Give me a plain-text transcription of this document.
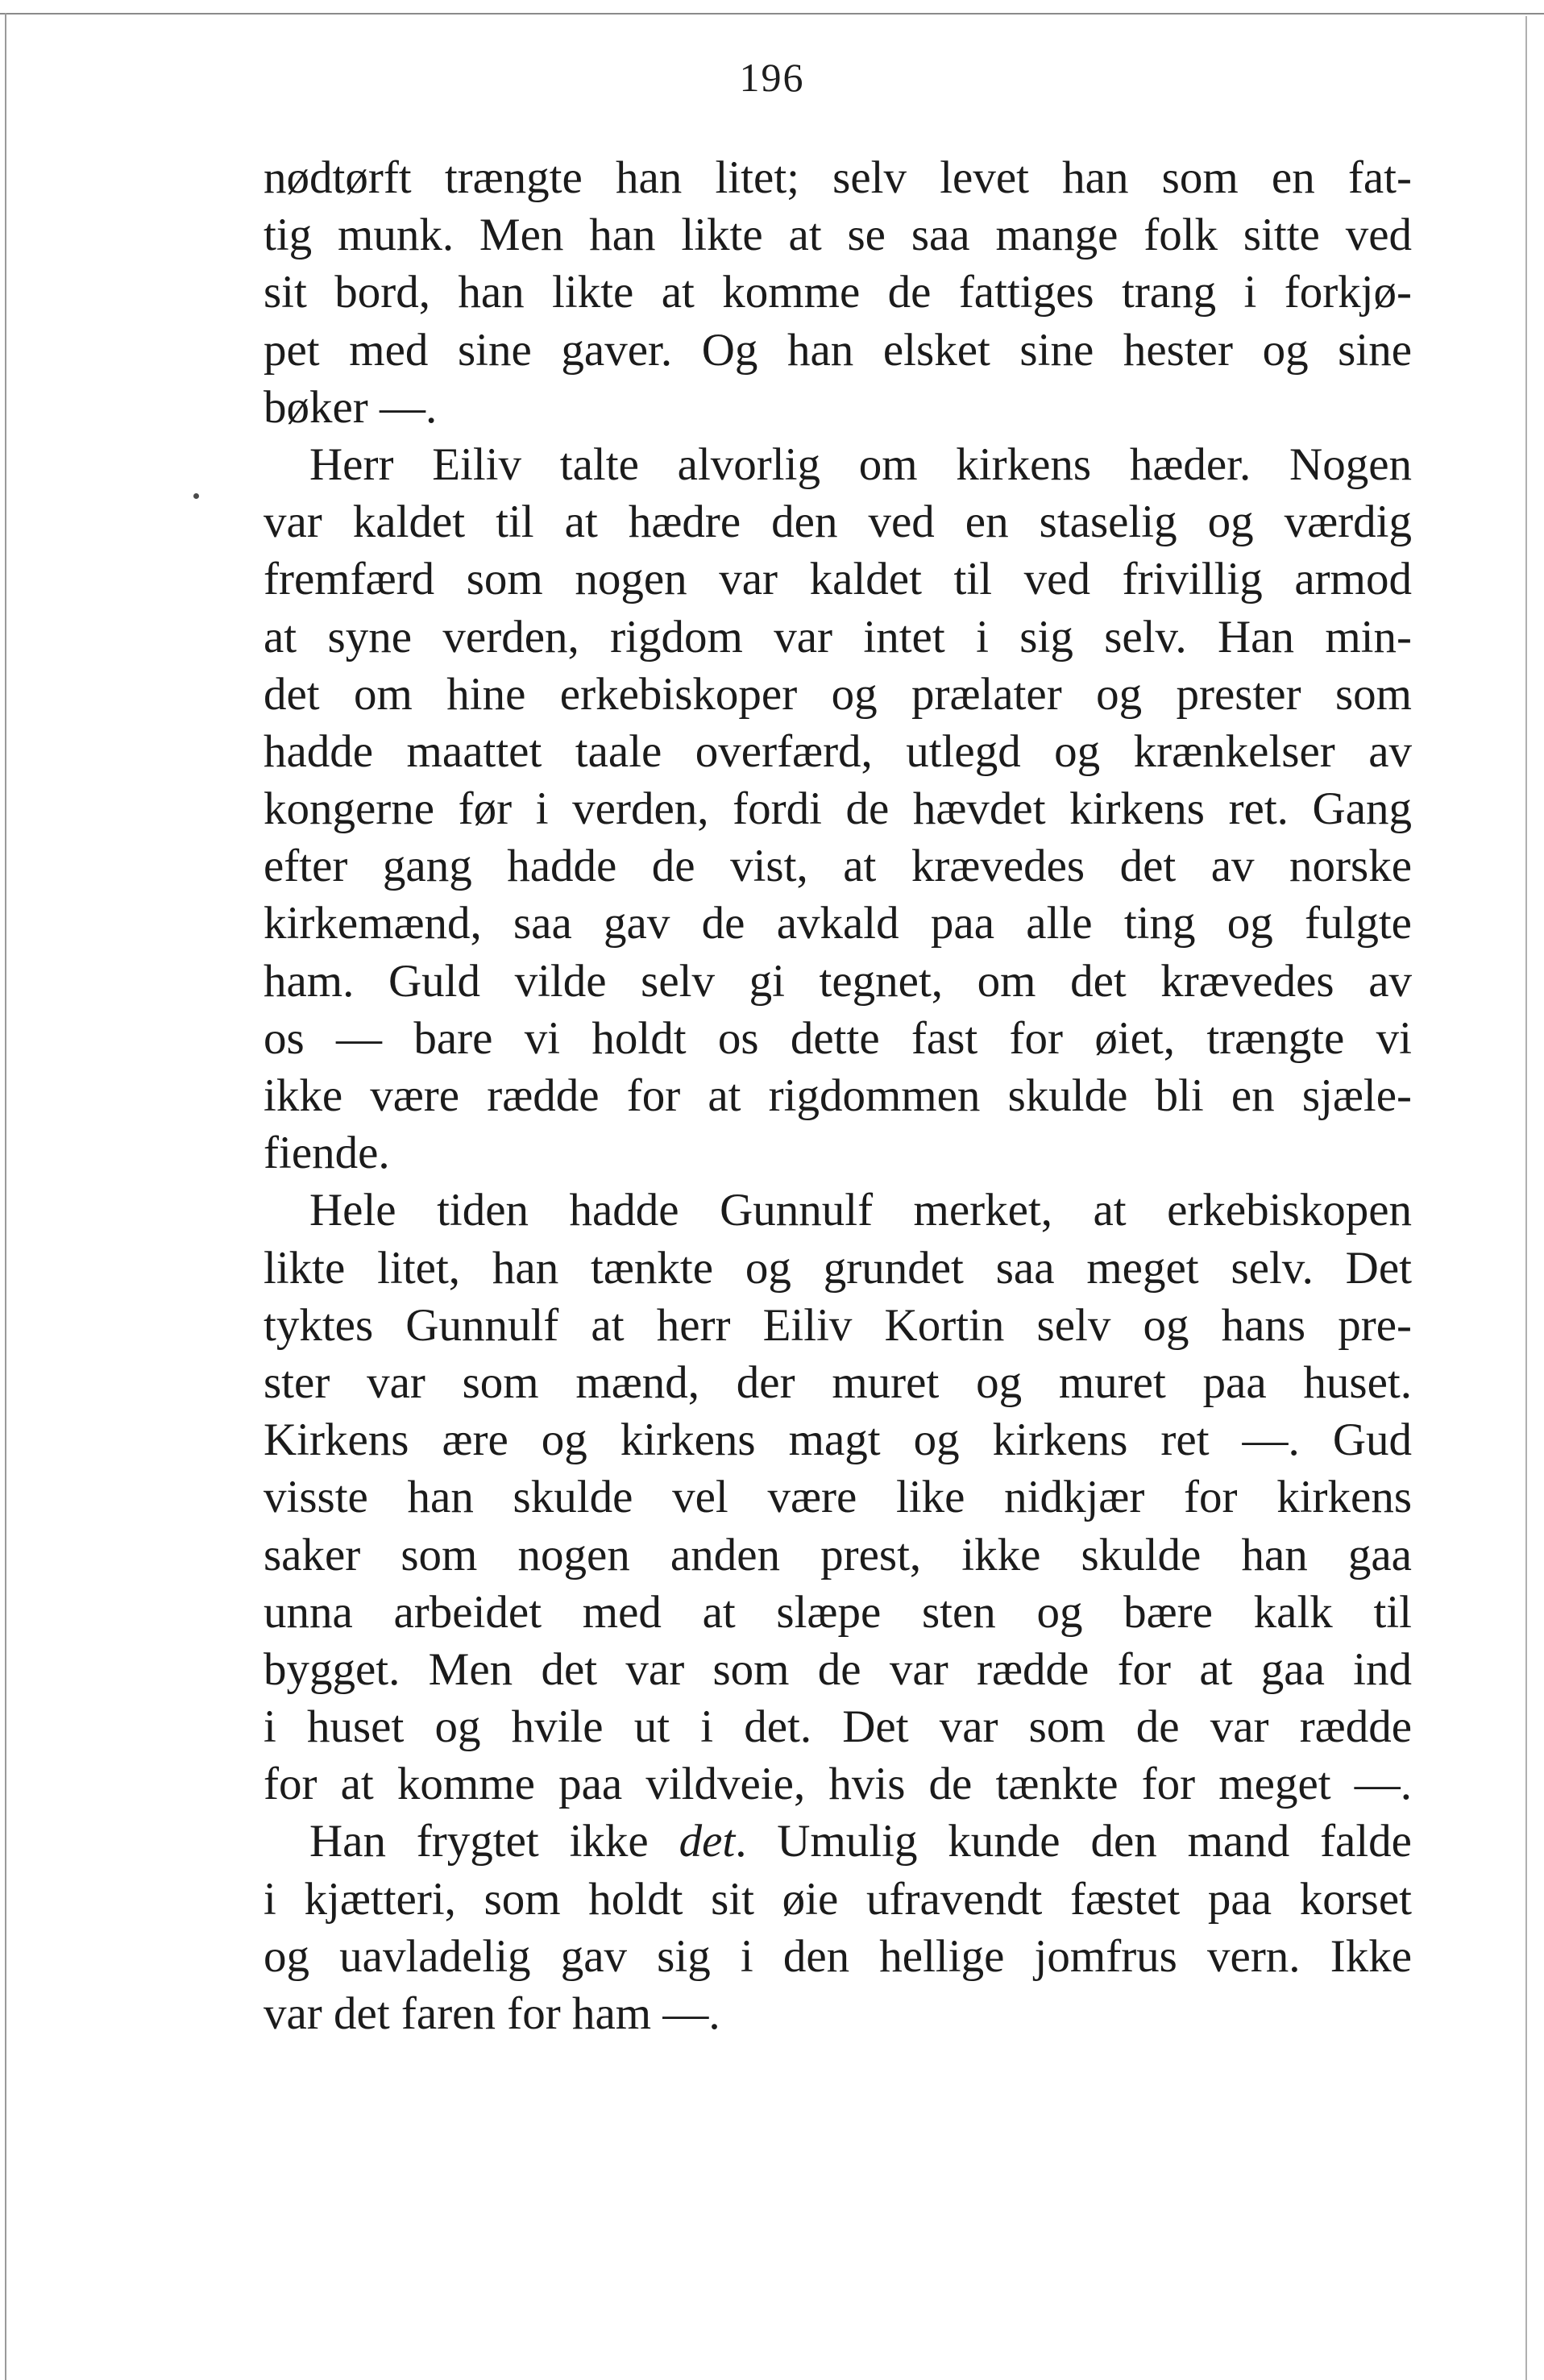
196
nødtørft trængte han litet; selv levet han som en fat-
tig munk. Men han likte at se saa mange folk sitte ved
sit bord, han likte at komme de fattiges trang i forkjø-
pet med sine gaver. Og han elsket sine hester og sine
bøker —.
Herr Eiliv talte alvorlig om kirkens hæder. Nogen
var kaldet til at hædre den ved en staselig og værdig
fremfærd som nogen var kaldet til ved frivillig armod
at syne verden, rigdom var intet i sig selv. Han min-
det om hine erkebiskoper og prælater og prester som
hadde maattet taale overfærd, utlegd og krænkelser av
kongerne før i verden, fordi de hævdet kirkens ret. Gang
efter gang hadde de vist, at krævedes det av norske
kirkemænd, saa gav de avkald paa alle ting og fulgte
ham. Guld vilde selv gi tegnet, om det krævedes av
os — bare vi holdt os dette fast for øiet, trængte vi
ikke være rædde for at rigdommen skulde bli en sjæle-
fiende.
Hele tiden hadde Gunnulf merket, at erkebiskopen
likte litet, han tænkte og grundet saa meget selv. Det
tyktes Gunnulf at herr Eiliv Kortin selv og hans pre-
ster var som mænd, der muret og muret paa huset.
Kirkens ære og kirkens magt og kirkens ret —. Gud
visste han skulde vel være like nidkjær for kirkens
saker som nogen anden prest, ikke skulde han gaa
unna arbeidet med at slæpe sten og bære kalk til
bygget. Men det var som de var rædde for at gaa ind
i huset og hvile ut i det. Det var som de var rædde
for at komme paa vildveie, hvis de tænkte for meget —.
Han frygtet ikke det. Umulig kunde den mand falde
i kjætteri, som holdt sit øie ufravendt fæstet paa korset
og uavladelig gav sig i den hellige jomfrus vern. Ikke
var det faren for ham —.
